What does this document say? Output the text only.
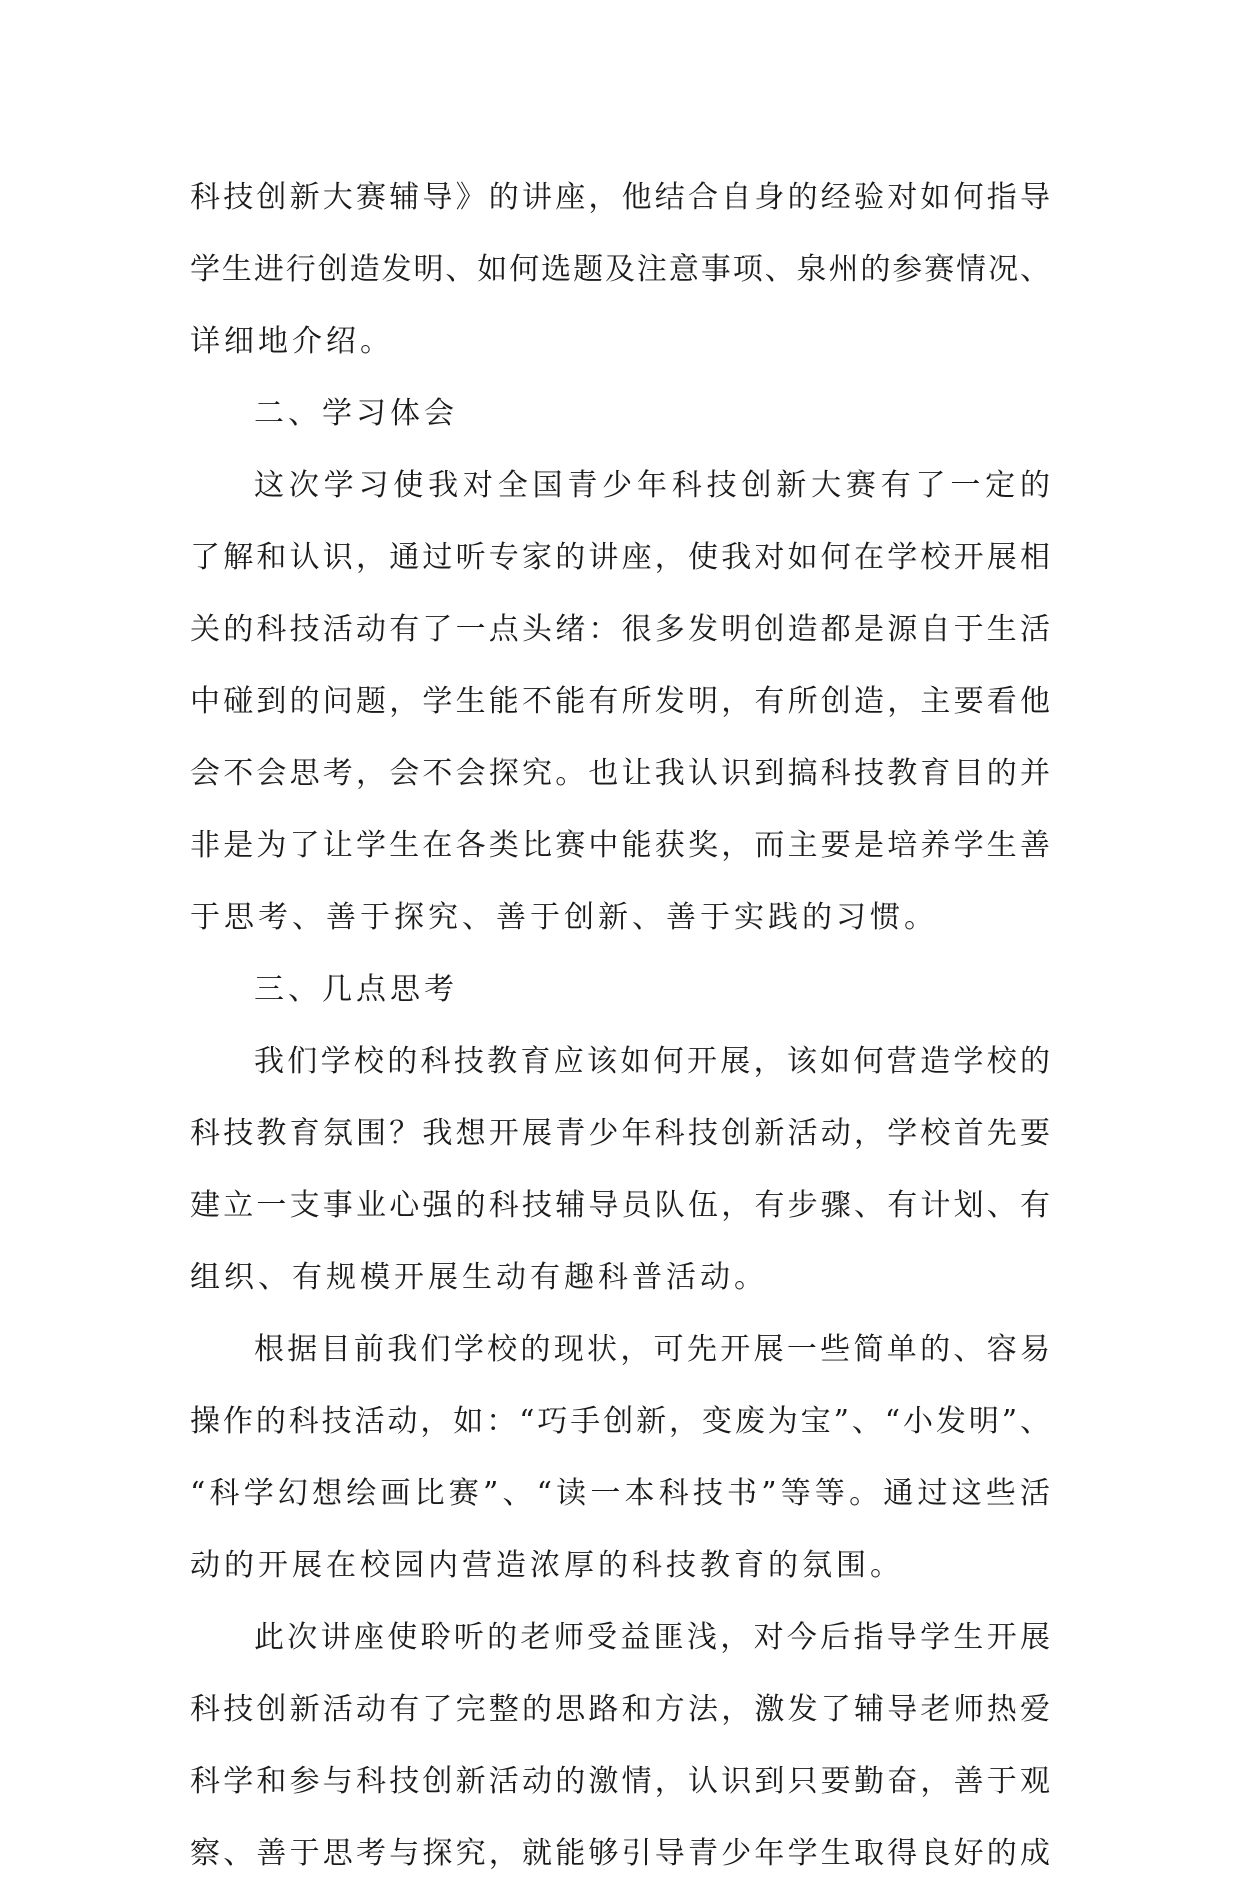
科技创新大赛辅导》的讲座，他结合自身的经验对如何指导
学生进行创造发明、如何选题及注意事项、泉州的参赛情况、
详细地介绍。
二、学习体会
这次学习使我对全国青少年科技创新大赛有了一定的
了解和认识，通过听专家的讲座，使我对如何在学校开展相
关的科技活动有了一点头绪：很多发明创造都是源自于生活
中碰到的问题，学生能不能有所发明，有所创造，主要看他
会不会思考，会不会探究。也让我认识到搞科技教育目的并
非是为了让学生在各类比赛中能获奖，而主要是培养学生善
于思考、善于探究、善于创新、善于实践的习惯。
三、几点思考
我们学校的科技教育应该如何开展，该如何营造学校的
科技教育氛围？我想开展青少年科技创新活动，学校首先要
建立一支事业心强的科技辅导员队伍，有步骤、有计划、有
组织、有规模开展生动有趣科普活动。
根据目前我们学校的现状，可先开展一些简单的、容易
操作的科技活动，如：“巧手创新，变废为宝”、“小发明”、
“科学幻想绘画比赛”、“读一本科技书”等等。通过这些活
动的开展在校园内营造浓厚的科技教育的氛围。
此次讲座使聆听的老师受益匪浅，对今后指导学生开展
科技创新活动有了完整的思路和方法，激发了辅导老师热爱
科学和参与科技创新活动的激情，认识到只要勤奋，善于观
察、善于思考与探究，就能够引导青少年学生取得良好的成
